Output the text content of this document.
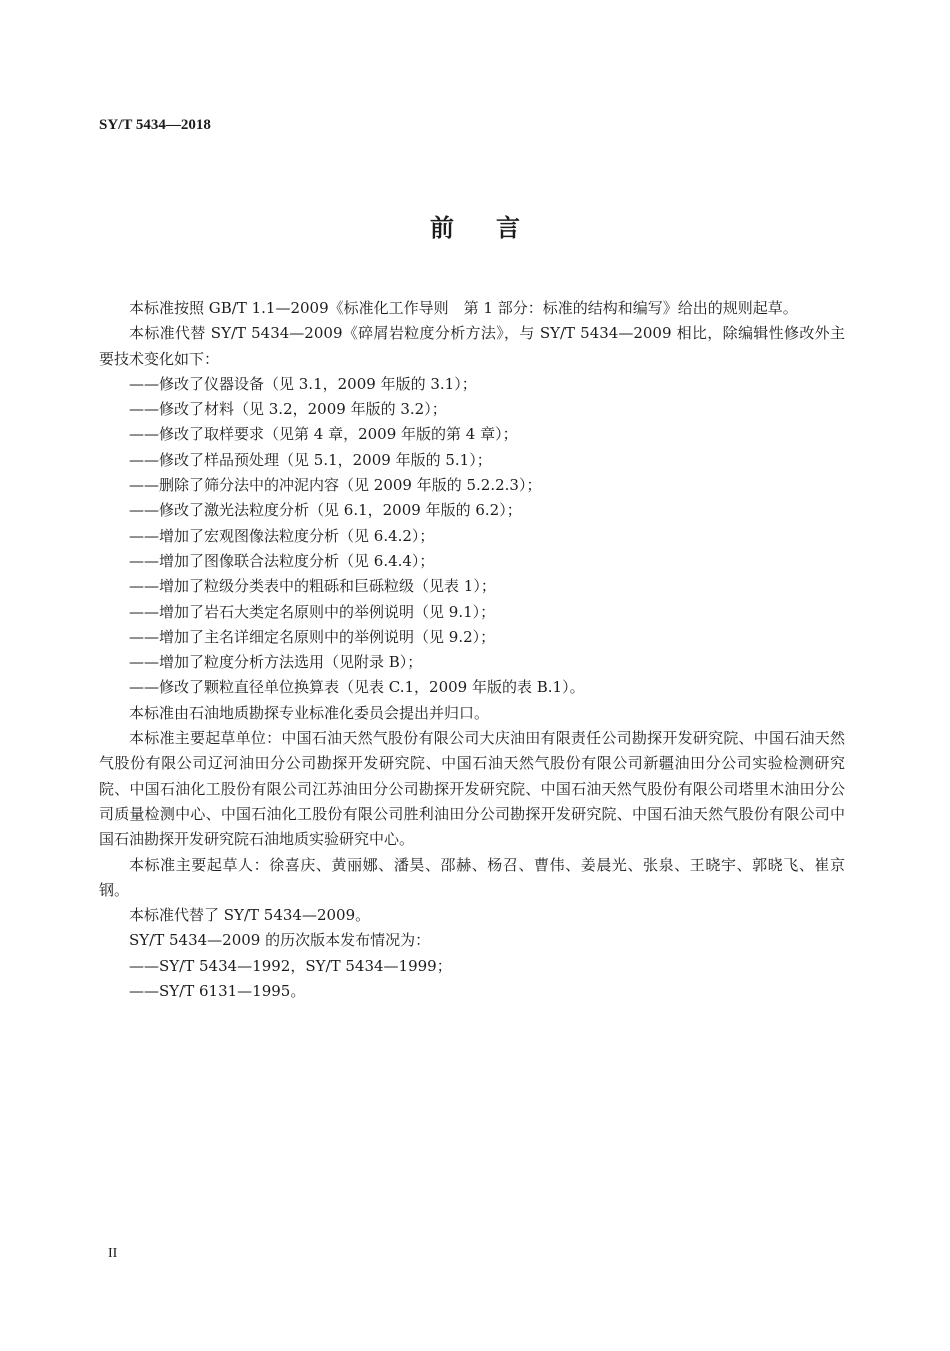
SY/T 5434—2018
前言

本标准按照 GB/T 1.1—2009《标准化工作导则　第 1 部分：标准的结构和编写》给出的规则起草。

本标准代替 SY/T 5434—2009《碎屑岩粒度分析方法》，与 SY/T 5434—2009 相比，除编辑性修改外主要技术变化如下：

——修改了仪器设备（见 3.1，2009 年版的 3.1）；

——修改了材料（见 3.2，2009 年版的 3.2）；

——修改了取样要求（见第 4 章，2009 年版的第 4 章）；

——修改了样品预处理（见 5.1，2009 年版的 5.1）；

——删除了筛分法中的冲泥内容（见 2009 年版的 5.2.2.3）；

——修改了激光法粒度分析（见 6.1，2009 年版的 6.2）；

——增加了宏观图像法粒度分析（见 6.4.2）；

——增加了图像联合法粒度分析（见 6.4.4）；

——增加了粒级分类表中的粗砾和巨砾粒级（见表 1）；

——增加了岩石大类定名原则中的举例说明（见 9.1）；

——增加了主名详细定名原则中的举例说明（见 9.2）；

——增加了粒度分析方法选用（见附录 B）；

——修改了颗粒直径单位换算表（见表 C.1，2009 年版的表 B.1）。

本标准由石油地质勘探专业标准化委员会提出并归口。

本标准主要起草单位：中国石油天然气股份有限公司大庆油田有限责任公司勘探开发研究院、中国石油天然气股份有限公司辽河油田分公司勘探开发研究院、中国石油天然气股份有限公司新疆油田分公司实验检测研究院、中国石油化工股份有限公司江苏油田分公司勘探开发研究院、中国石油天然气股份有限公司塔里木油田分公司质量检测中心、中国石油化工股份有限公司胜利油田分公司勘探开发研究院、中国石油天然气股份有限公司中国石油勘探开发研究院石油地质实验研究中心。

本标准主要起草人：徐喜庆、黄丽娜、潘昊、邵赫、杨召、曹伟、姜晨光、张泉、王晓宇、郭晓飞、崔京钢。

本标准代替了 SY/T 5434—2009。

SY/T 5434—2009 的历次版本发布情况为：

——SY/T 5434—1992，SY/T 5434—1999；

——SY/T 6131—1995。

II
